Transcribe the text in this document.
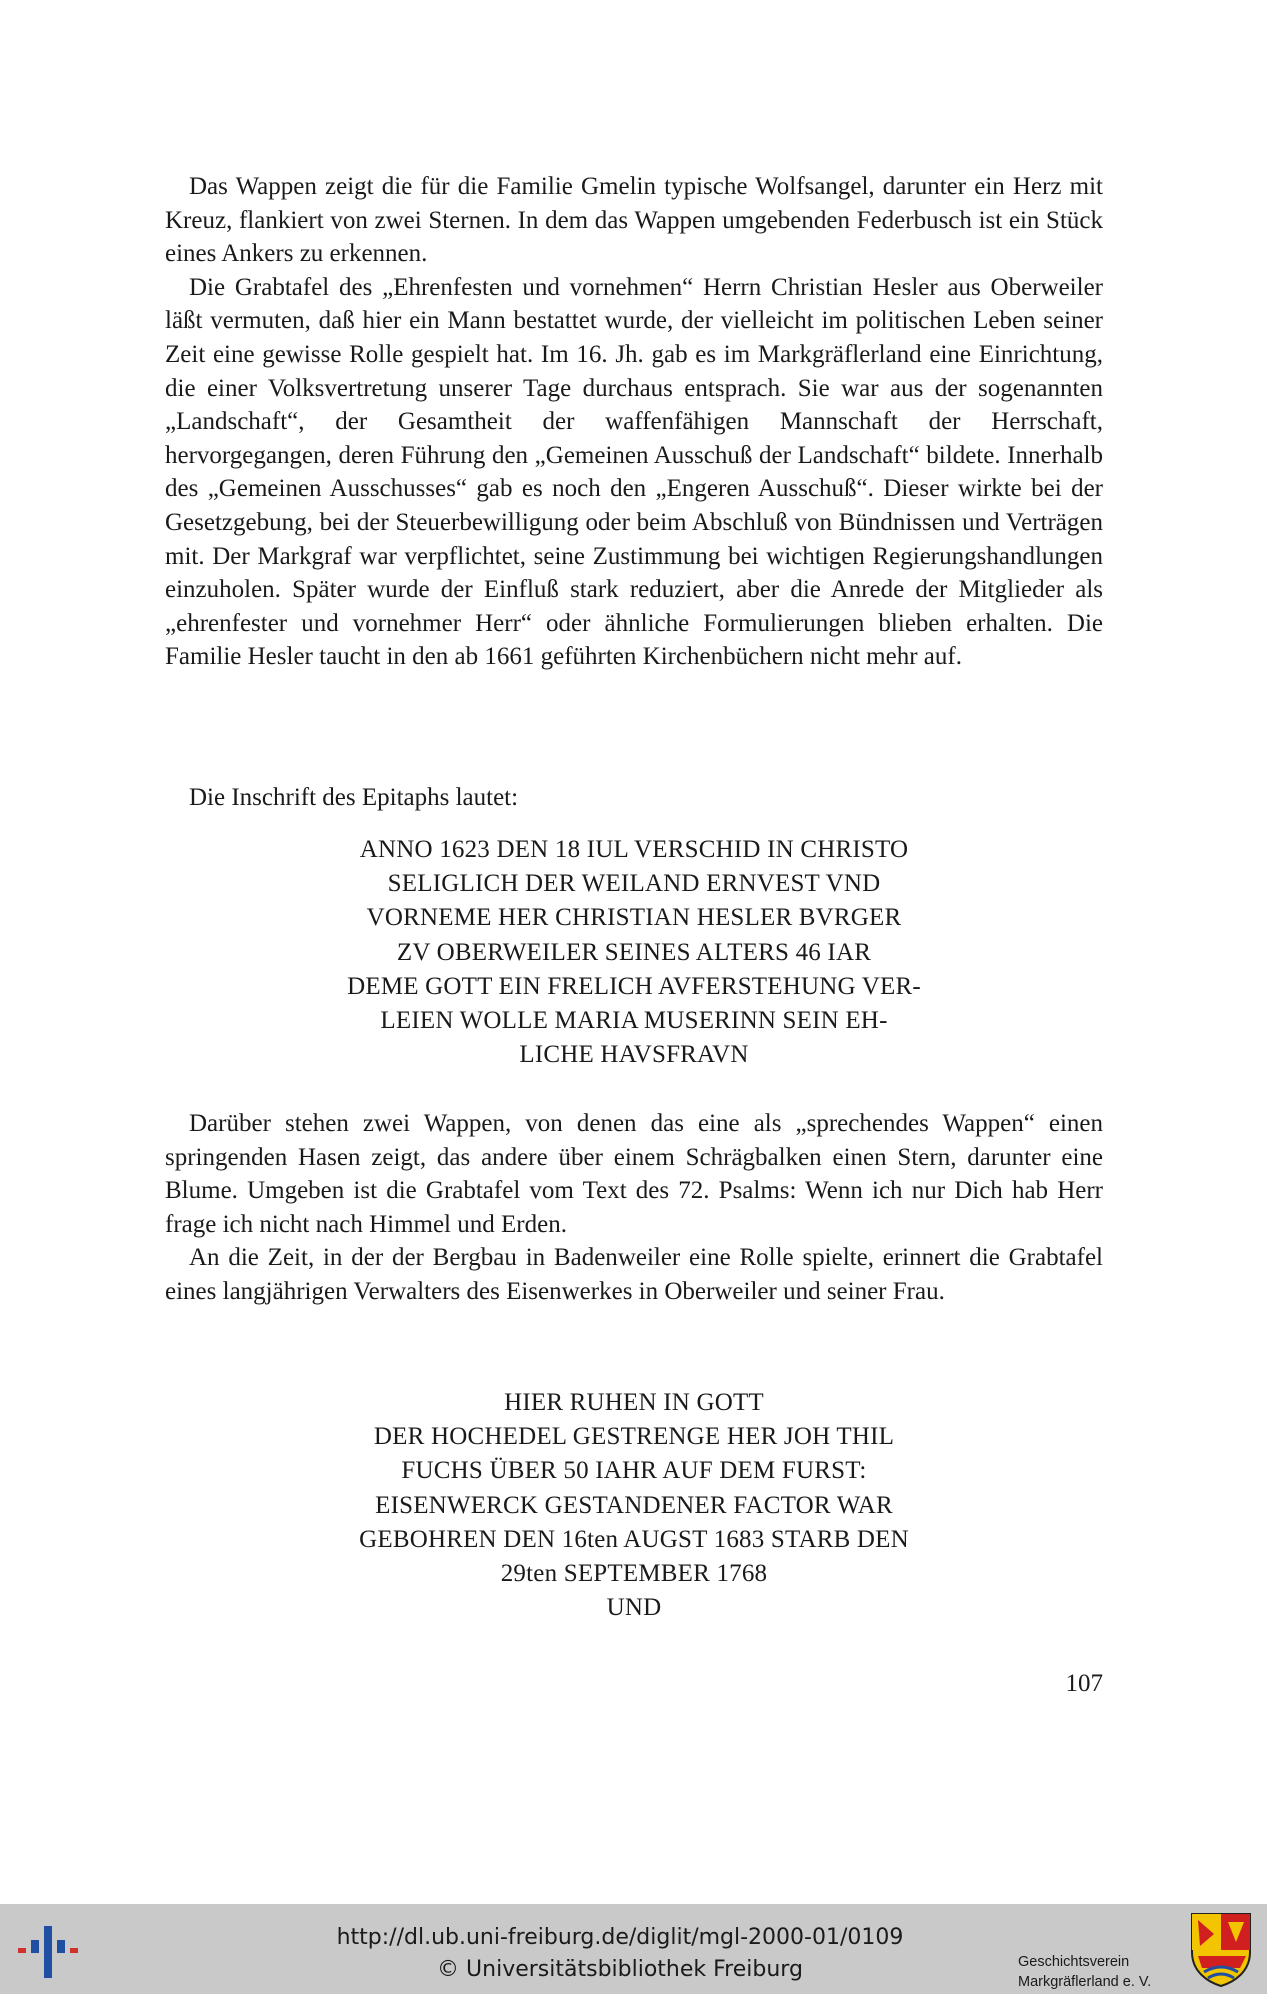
Das Wappen zeigt die für die Familie Gmelin typische Wolfsangel, darunter ein Herz mit Kreuz, flankiert von zwei Sternen. In dem das Wappen umgebenden Federbusch ist ein Stück eines Ankers zu erkennen.

Die Grabtafel des „Ehrenfesten und vornehmen“ Herrn Christian Hesler aus Oberweiler läßt vermuten, daß hier ein Mann bestattet wurde, der vielleicht im politischen Leben seiner Zeit eine gewisse Rolle gespielt hat. Im 16. Jh. gab es im Markgräflerland eine Einrichtung, die einer Volksvertretung unserer Tage durchaus entsprach. Sie war aus der sogenannten „Landschaft“, der Gesamtheit der waffenfähigen Mannschaft der Herrschaft, hervorgegangen, deren Führung den „Gemeinen Ausschuß der Landschaft“ bildete. Innerhalb des „Gemeinen Ausschusses“ gab es noch den „Engeren Ausschuß“. Dieser wirkte bei der Gesetzgebung, bei der Steuerbewilligung oder beim Abschluß von Bündnissen und Verträgen mit. Der Markgraf war verpflichtet, seine Zustimmung bei wichtigen Regierungshandlungen einzuholen. Später wurde der Einfluß stark reduziert, aber die Anrede der Mitglieder als „ehrenfester und vornehmer Herr“ oder ähnliche Formulierungen blieben erhalten. Die Familie Hesler taucht in den ab 1661 geführten Kirchenbüchern nicht mehr auf.

Die Inschrift des Epitaphs lautet:

ANNO 1623 DEN 18 IUL VERSCHID IN CHRISTO
SELIGLICH DER WEILAND ERNVEST VND
VORNEME HER CHRISTIAN HESLER BVRGER
ZV OBERWEILER SEINES ALTERS 46 IAR
DEME GOTT EIN FRELICH AVFERSTEHUNG VER-
LEIEN WOLLE MARIA MUSERINN SEIN EH-
LICHE HAVSFRAVN

Darüber stehen zwei Wappen, von denen das eine als „sprechendes Wappen“ einen springenden Hasen zeigt, das andere über einem Schrägbalken einen Stern, darunter eine Blume. Umgeben ist die Grabtafel vom Text des 72. Psalms: Wenn ich nur Dich hab Herr frage ich nicht nach Himmel und Erden.

An die Zeit, in der der Bergbau in Badenweiler eine Rolle spielte, erinnert die Grabtafel eines langjährigen Verwalters des Eisenwerkes in Oberweiler und seiner Frau.

HIER RUHEN IN GOTT
DER HOCHEDEL GESTRENGE HER JOH THIL
FUCHS ÜBER 50 IAHR AUF DEM FURST:
EISENWERCK GESTANDENER FACTOR WAR
GEBOHREN DEN 16ten AUGST 1683 STARB DEN
29ten SEPTEMBER 1768
UND
107
http://dl.ub.uni-freiburg.de/diglit/mgl-2000-01/0109
© Universitätsbibliothek Freiburg	Geschichtsverein
Markgräflerland e. V.
